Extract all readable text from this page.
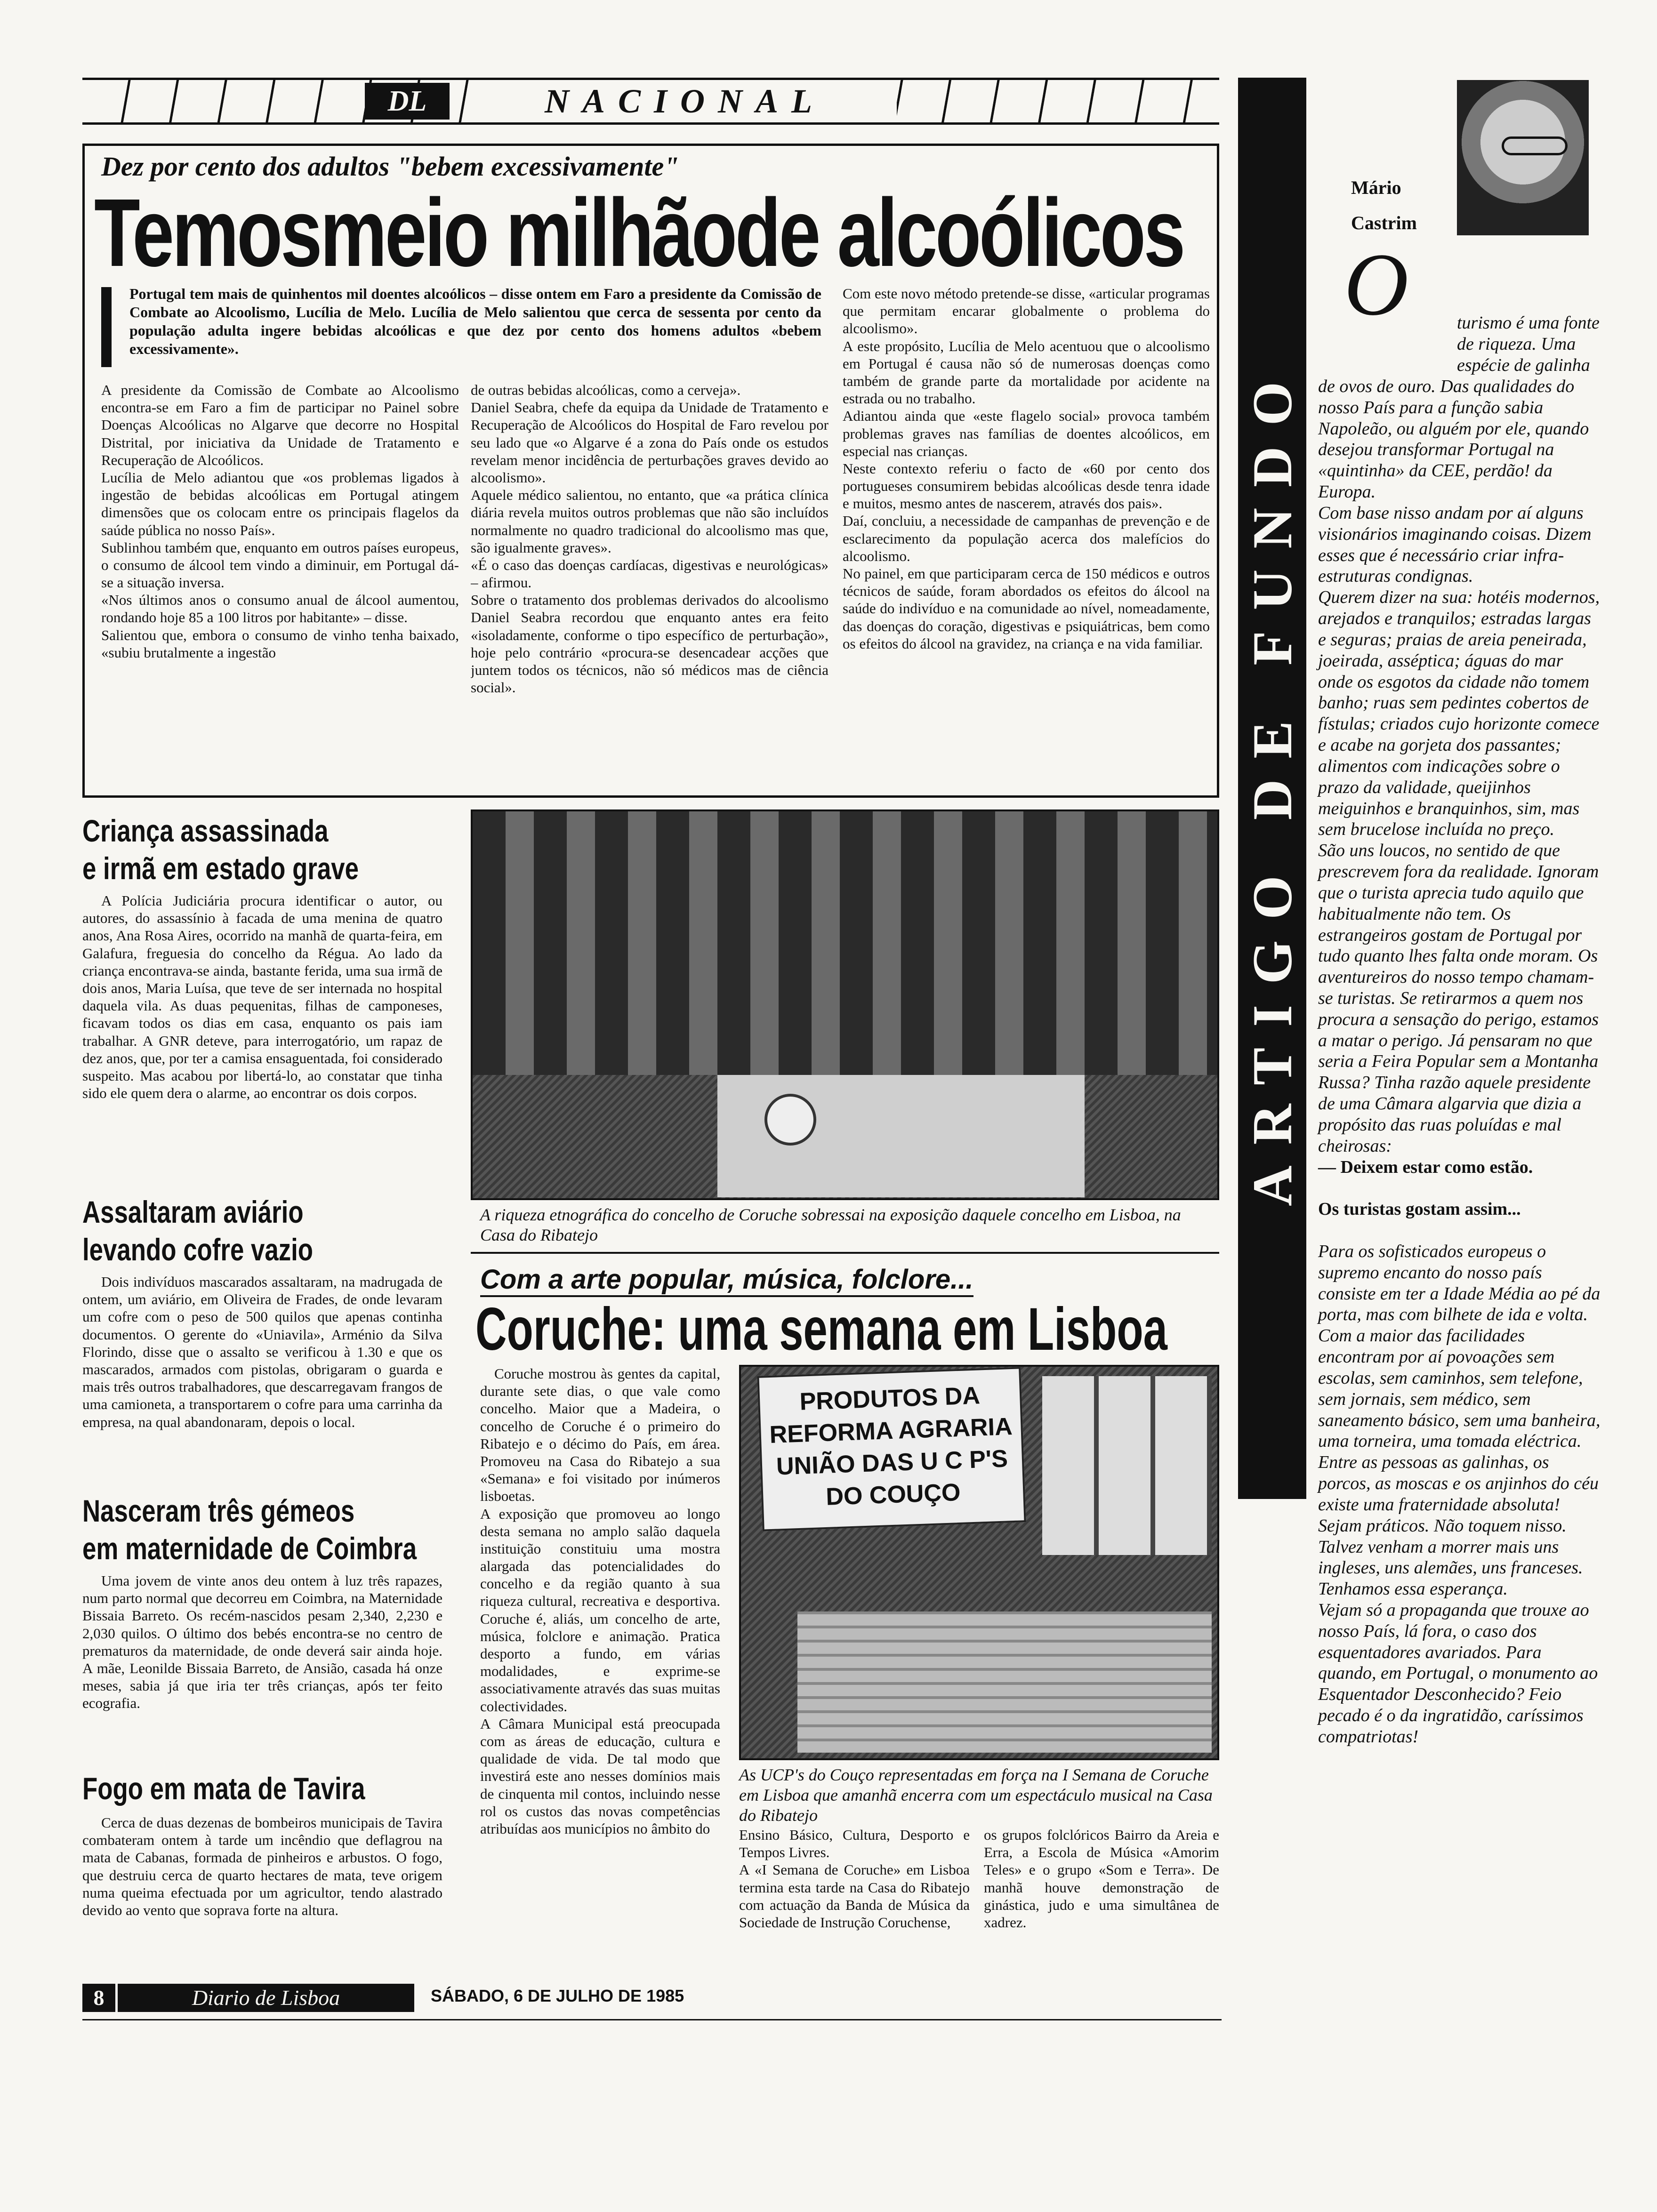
DL	NACIONAL
Dez por cento dos adultos "bebem excessivamente"
Temosmeio milhãode alcoólicos
Portugal tem mais de quinhentos mil doentes alcoólicos – disse ontem em Faro a presidente da Comissão de Combate ao Alcoolismo, Lucília de Melo. Lucília de Melo salientou que cerca de sessenta por cento da população adulta ingere bebidas alcoólicas e que dez por cento dos homens adultos «bebem excessivamente».
A presidente da Comissão de Combate ao Alcoolismo encontra-se em Faro a fim de participar no Painel sobre Doenças Alcoólicas no Algarve que decorre no Hospital Distrital, por iniciativa da Unidade de Tratamento e Recuperação de Alcoólicos.
Lucília de Melo adiantou que «os problemas ligados à ingestão de bebidas alcoólicas em Portugal atingem dimensões que os colocam entre os principais flagelos da saúde pública no nosso País».
Sublinhou também que, enquanto em outros países europeus, o consumo de álcool tem vindo a diminuir, em Portugal dá-se a situação inversa.
«Nos últimos anos o consumo anual de álcool aumentou, rondando hoje 85 a 100 litros por habitante» – disse.
Salientou que, embora o consumo de vinho tenha baixado, «subiu brutalmente a ingestão
de outras bebidas alcoólicas, como a cerveja».
Daniel Seabra, chefe da equipa da Unidade de Tratamento e Recuperação de Alcoólicos do Hospital de Faro revelou por seu lado que «o Algarve é a zona do País onde os estudos revelam menor incidência de perturbações graves devido ao alcoolismo».
Aquele médico salientou, no entanto, que «a prática clínica diária revela muitos outros problemas que não são incluídos normalmente no quadro tradicional do alcoolismo mas que, são igualmente graves».
«É o caso das doenças cardíacas, digestivas e neurológicas» – afirmou.
Sobre o tratamento dos problemas derivados do alcoolismo Daniel Seabra recordou que enquanto antes era feito «isoladamente, conforme o tipo específico de perturbação», hoje pelo contrário «procura-se desencadear acções que juntem todos os técnicos, não só médicos mas de ciência social».
Com este novo método pretende-se disse, «articular programas que permitam encarar globalmente o problema do alcoolismo».
A este propósito, Lucília de Melo acentuou que o alcoolismo em Portugal é causa não só de numerosas doenças como também de grande parte da mortalidade por acidente na estrada ou no trabalho.
Adiantou ainda que «este flagelo social» provoca também problemas graves nas famílias de doentes alcoólicos, em especial nas crianças.
Neste contexto referiu o facto de «60 por cento dos portugueses consumirem bebidas alcoólicas desde tenra idade e muitos, mesmo antes de nascerem, através dos pais».
Daí, concluiu, a necessidade de campanhas de prevenção e de esclarecimento da população acerca dos malefícios do alcoolismo.
No painel, em que participaram cerca de 150 médicos e outros técnicos de saúde, foram abordados os efeitos do álcool na saúde do indivíduo e na comunidade ao nível, nomeadamente, das doenças do coração, digestivas e psiquiátricas, bem como os efeitos do álcool na gravidez, na criança e na vida familiar.
Criança assassinada
e irmã em estado grave
A Polícia Judiciária procura identificar o autor, ou autores, do assassínio à facada de uma menina de quatro anos, Ana Rosa Aires, ocorrido na manhã de quarta-feira, em Galafura, freguesia do concelho da Régua. Ao lado da criança encontrava-se ainda, bastante ferida, uma sua irmã de dois anos, Maria Luísa, que teve de ser internada no hospital daquela vila. As duas pequenitas, filhas de camponeses, ficavam todos os dias em casa, enquanto os pais iam trabalhar. A GNR deteve, para interrogatório, um rapaz de dez anos, que, por ter a camisa ensaguentada, foi considerado suspeito. Mas acabou por libertá-lo, ao constatar que tinha sido ele quem dera o alarme, ao encontrar os dois corpos.
Assaltaram aviário
levando cofre vazio
Dois indivíduos mascarados assaltaram, na madrugada de ontem, um aviário, em Oliveira de Frades, de onde levaram um cofre com o peso de 500 quilos que apenas continha documentos. O gerente do «Uniavila», Arménio da Silva Florindo, disse que o assalto se verificou à 1.30 e que os mascarados, armados com pistolas, obrigaram o guarda e mais três outros trabalhadores, que descarregavam frangos de uma camioneta, a transportarem o cofre para uma carrinha da empresa, na qual abandonaram, depois o local.
Nasceram três gémeos
em maternidade de Coimbra
Uma jovem de vinte anos deu ontem à luz três rapazes, num parto normal que decorreu em Coimbra, na Maternidade Bissaia Barreto. Os recém-nascidos pesam 2,340, 2,230 e 2,030 quilos. O último dos bebés encontra-se no centro de prematuros da maternidade, de onde deverá sair ainda hoje. A mãe, Leonilde Bissaia Barreto, de Ansião, casada há onze meses, sabia já que iria ter três crianças, após ter feito ecografia.
Fogo em mata de Tavira
Cerca de duas dezenas de bombeiros municipais de Tavira combateram ontem à tarde um incêndio que deflagrou na mata de Cabanas, formada de pinheiros e arbustos. O fogo, que destruiu cerca de quarto hectares de mata, teve origem numa queima efectuada por um agricultor, tendo alastrado devido ao vento que soprava forte na altura.
A riqueza etnográfica do concelho de Coruche sobressai na exposição daquele concelho em Lisboa, na Casa do Ribatejo
Com a arte popular, música, folclore...
Coruche: uma semana em Lisboa
Coruche mostrou às gentes da capital, durante sete dias, o que vale como concelho. Maior que a Madeira, o concelho de Coruche é o primeiro do Ribatejo e o décimo do País, em área. Promoveu na Casa do Ribatejo a sua «Semana» e foi visitado por inúmeros lisboetas.
A exposição que promoveu ao longo desta semana no amplo salão daquela instituição constituiu uma mostra alargada das potencialidades do concelho e da região quanto à sua riqueza cultural, recreativa e desportiva. Coruche é, aliás, um concelho de arte, música, folclore e animação. Pratica desporto a fundo, em várias modalidades, e exprime-se associativamente através das suas muitas colectividades.
A Câmara Municipal está preocupada com as áreas de educação, cultura e qualidade de vida. De tal modo que investirá este ano nesses domínios mais de cinquenta mil contos, incluindo nesse rol os custos das novas competências atribuídas aos municípios no âmbito do
PRODUTOS DA
REFORMA AGRARIA
UNIÃO DAS U C P'S
DO COUÇO
As UCP's do Couço representadas em força na I Semana de Coruche em Lisboa que amanhã encerra com um espectáculo musical na Casa do Ribatejo
Ensino Básico, Cultura, Desporto e Tempos Livres.
A «I Semana de Coruche» em Lisboa termina esta tarde na Casa do Ribatejo com actuação da Banda de Música da Sociedade de Instrução Coruchense,
os grupos folclóricos Bairro da Areia e Erra, a Escola de Música «Amorim Teles» e o grupo «Som e Terra». De manhã houve demonstração de ginástica, judo e uma simultânea de xadrez.
ARTIGO DE FUNDO
Mário
Castrim
O	turismo é uma fonte de riqueza. Uma espécie de galinha de ovos de ouro. Das qualidades do nosso País para a função sabia Napoleão, ou alguém por ele, quando desejou transformar Portugal na «quintinha» da CEE, perdão! da Europa.
Com base nisso andam por aí alguns visionários imaginando coisas. Dizem esses que é necessário criar infra-estruturas condignas.
Querem dizer na sua: hotéis modernos, arejados e tranquilos; estradas largas e seguras; praias de areia peneirada, joeirada, asséptica; águas do mar onde os esgotos da cidade não tomem banho; ruas sem pedintes cobertos de fístulas; criados cujo horizonte comece e acabe na gorjeta dos passantes; alimentos com indicações sobre o prazo da validade, queijinhos meiguinhos e branquinhos, sim, mas sem brucelose incluída no preço.
São uns loucos, no sentido de que prescrevem fora da realidade. Ignoram que o turista aprecia tudo aquilo que habitualmente não tem. Os estrangeiros gostam de Portugal por tudo quanto lhes falta onde moram. Os aventureiros do nosso tempo chamam-se turistas. Se retirarmos a quem nos procura a sensação do perigo, estamos a matar o perigo. Já pensaram no que seria a Feira Popular sem a Montanha Russa? Tinha razão aquele presidente de uma Câmara algarvia que dizia a propósito das ruas poluídas e mal cheirosas:

— Deixem estar como estão.

Os turistas gostam assim...

Para os sofisticados europeus o supremo encanto do nosso país consiste em ter a Idade Média ao pé da porta, mas com bilhete de ida e volta.
Com a maior das facilidades encontram por aí povoações sem escolas, sem caminhos, sem telefone, sem jornais, sem médico, sem saneamento básico, sem uma banheira, uma torneira, uma tomada eléctrica. Entre as pessoas as galinhas, os porcos, as moscas e os anjinhos do céu existe uma fraternidade absoluta!
Sejam práticos. Não toquem nisso. Talvez venham a morrer mais uns ingleses, uns alemães, uns franceses. Tenhamos essa esperança.
Vejam só a propaganda que trouxe ao nosso País, lá fora, o caso dos esquentadores avariados. Para quando, em Portugal, o monumento ao Esquentador Desconhecido? Feio pecado é o da ingratidão, caríssimos compatriotas!

8	Diario de Lisboa	SÁBADO, 6 DE JULHO DE 1985
